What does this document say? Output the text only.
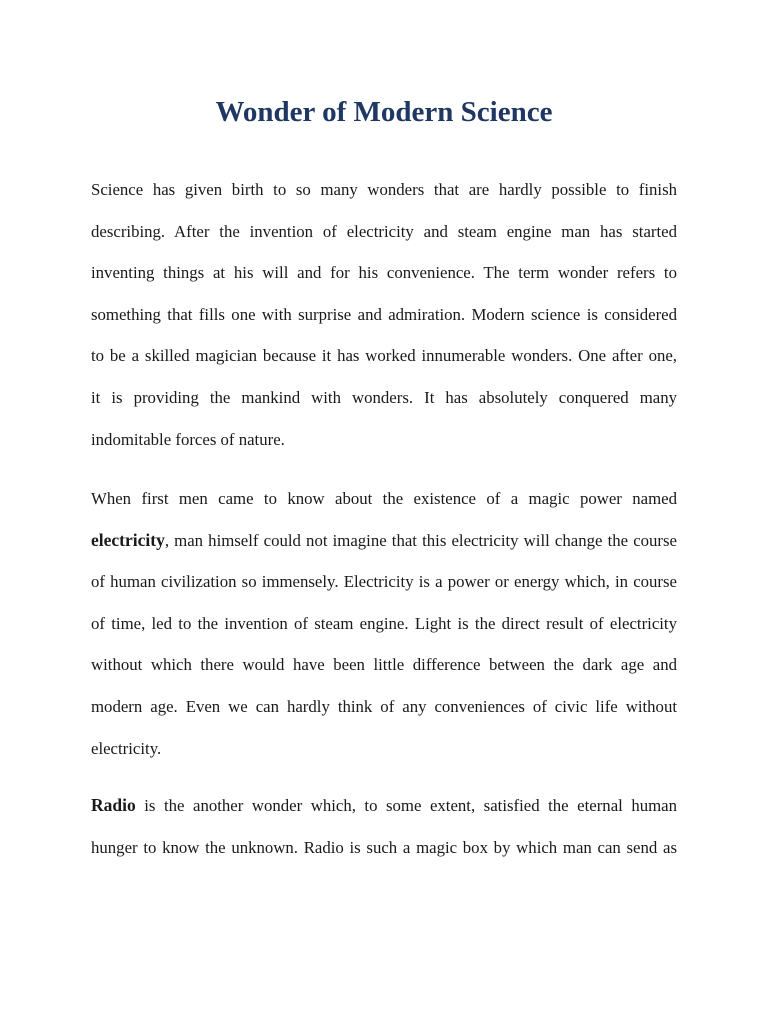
Wonder of Modern Science
Science has given birth to so many wonders that are hardly possible to finish
describing. After the invention of electricity and steam engine man has started
inventing things at his will and for his convenience. The term wonder refers to
something that fills one with surprise and admiration. Modern science is considered
to be a skilled magician because it has worked innumerable wonders. One after one,
it is providing the mankind with wonders. It has absolutely conquered many
indomitable forces of nature.
When first men came to know about the existence of a magic power named
electricity, man himself could not imagine that this electricity will change the course
of human civilization so immensely. Electricity is a power or energy which, in course
of time, led to the invention of steam engine. Light is the direct result of electricity
without which there would have been little difference between the dark age and
modern age. Even we can hardly think of any conveniences of civic life without
electricity.
Radio is the another wonder which, to some extent, satisfied the eternal human
hunger to know the unknown. Radio is such a magic box by which man can send as
